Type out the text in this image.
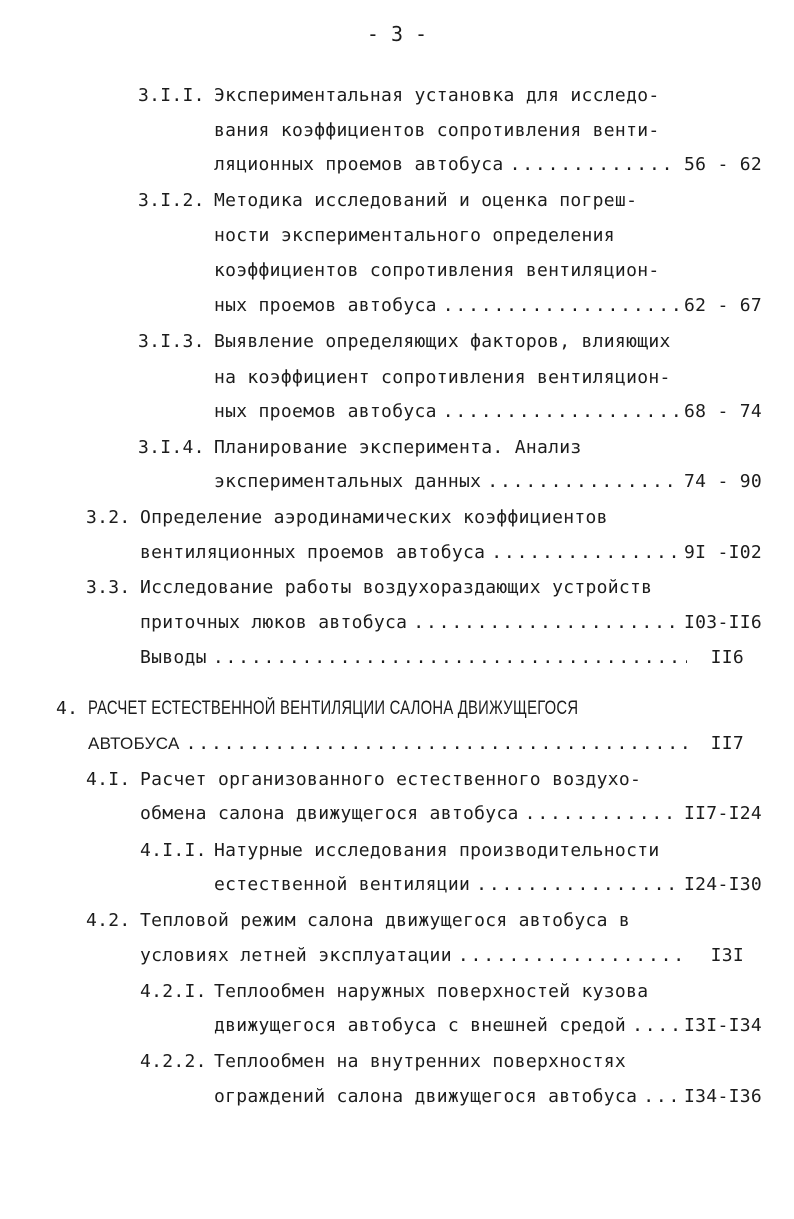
- 3 -
3.I.I. Экспериментальная установка для исследо-
вания коэффициентов сопротивления венти-
ляционных проемов автобуса . . .	56 - 62
3.I.2. Методика исследований и оценка погреш-
ности экспериментального определения
коэффициентов сопротивления вентиляцион-
ных проемов автобуса . . .	62 - 67
3.I.3. Выявление определяющих факторов, влияющих
на коэффициент сопротивления вентиляцион-
ных проемов автобуса . . .	68 - 74
3.I.4. Планирование эксперимента. Анализ
экспериментальных данных . . .	74 - 90
3.2. Определение аэродинамических коэффициентов
вентиляционных проемов автобуса . . .	9I -I02
3.3. Исследование работы воздухораздающих устройств
приточных люков автобуса . . .	I03-II6
Выводы . . .	II6
4. РАСЧЕТ ЕСТЕСТВЕННОЙ ВЕНТИЛЯЦИИ САЛОНА ДВИЖУЩЕГОСЯ
АВТОБУСА . . .	II7
4.I. Расчет организованного естественного воздухо-
обмена салона движущегося автобуса . . .	II7-I24
4.I.I. Натурные исследования производительности
естественной вентиляции . . .	I24-I30
4.2. Тепловой режим салона движущегося автобуса в
условиях летней эксплуатации . . .	I3I
4.2.I. Теплообмен наружных поверхностей кузова
движущегося автобуса с внешней средой . . .	I3I-I34
4.2.2. Теплообмен на внутренних поверхностях
ограждений салона движущегося автобуса . . .	I34-I36
